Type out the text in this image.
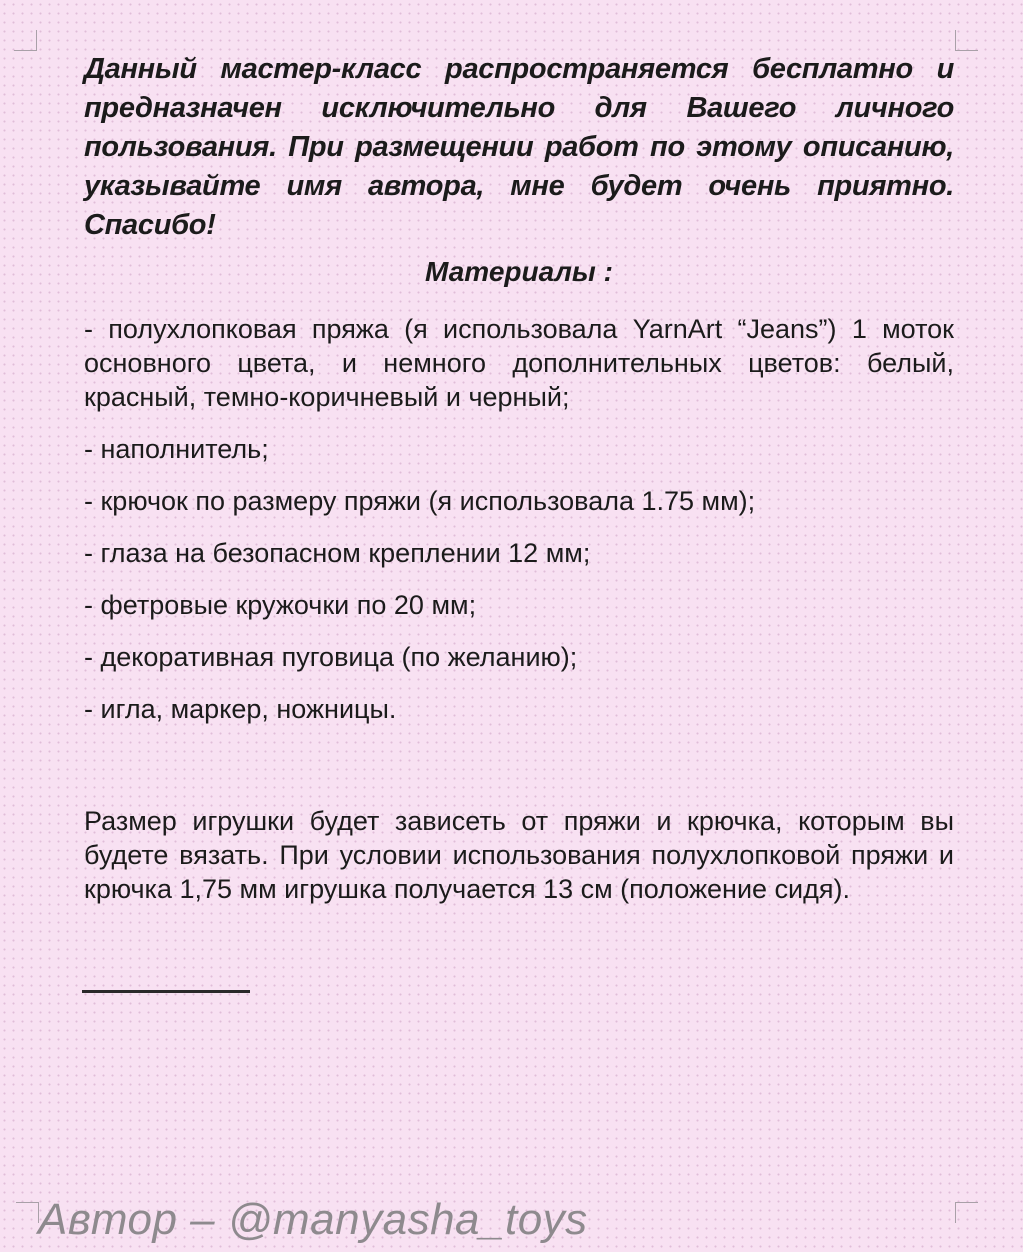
Данный мастер-класс распространяется бесплатно и предназначен исключительно для Вашего личного пользования. При размещении работ по этому описанию, указывайте имя автора, мне будет очень приятно. Спасибо!

Материалы :
- полухлопковая пряжа (я использовала YarnArt “Jeans”) 1 моток основного цвета, и немного дополнительных цветов: белый, красный, темно-коричневый и черный;
- наполнитель;
- крючок по размеру пряжи (я использовала 1.75 мм);
- глаза на безопасном креплении 12 мм;
- фетровые кружочки по 20 мм;
- декоративная пуговица (по желанию);
- игла, маркер, ножницы.

Размер игрушки будет зависеть от пряжи и крючка, которым вы будете вязать. При условии использования полухлопковой пряжи и крючка 1,75 мм игрушка получается 13 см (положение сидя).

Автор – @manyasha_toys
